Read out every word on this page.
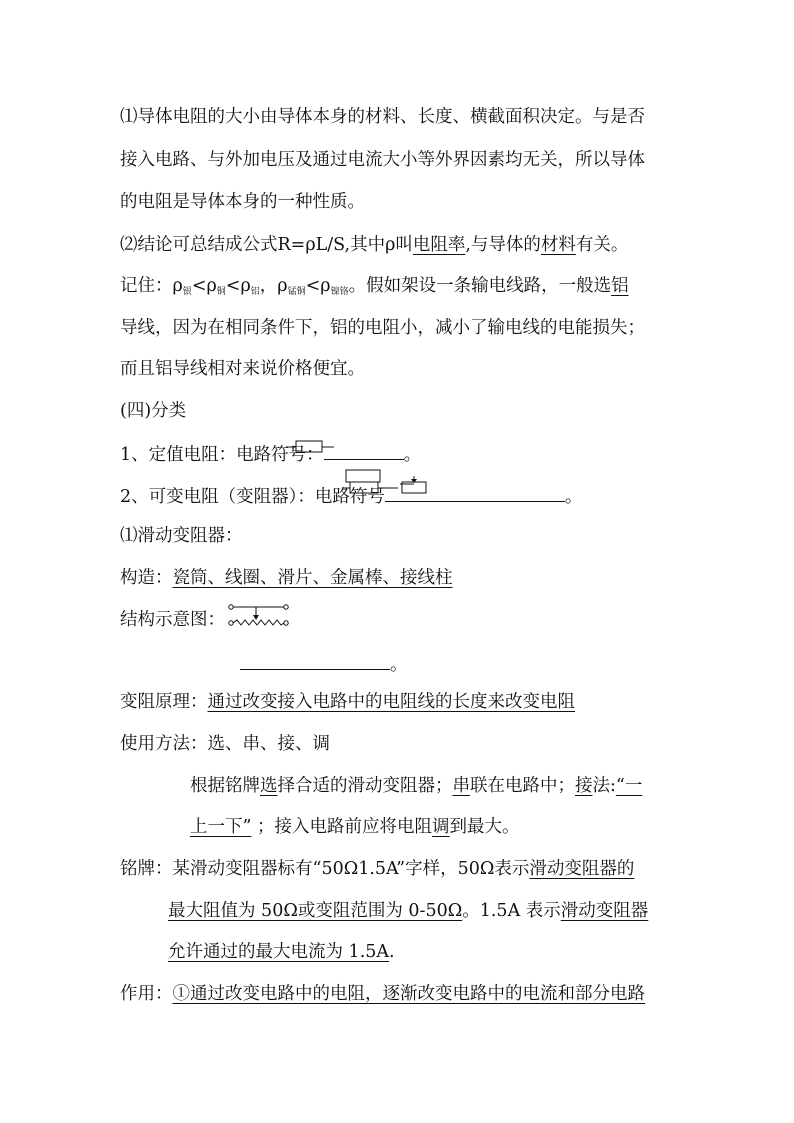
⑴导体电阻的大小由导体本身的材料、长度、横截面积决定。与是否
接入电路、与外加电压及通过电流大小等外界因素均无关，所以导体
的电阻是导体本身的一种性质。
⑵结论可总结成公式R=ρL/S,其中ρ叫电阻率,与导体的材料有关。
记住：ρ银<ρ铜<ρ铝，ρ锰铜<ρ镍铬。假如架设一条输电线路，一般选铝
导线，因为在相同条件下，铝的电阻小，减小了输电线的电能损失；
而且铝导线相对来说价格便宜。
(四)分类
1、定值电阻：电路符号：	。
2、可变电阻（变阻器）：电路符号	。
⑴滑动变阻器：
构造：瓷筒、线圈、滑片、金属棒、接线柱
结构示意图：
。
变阻原理：通过改变接入电路中的电阻线的长度来改变电阻
使用方法：选、串、接、调
根据铭牌选择合适的滑动变阻器；串联在电路中；接法:“一
上一下” ；接入电路前应将电阻调到最大。
铭牌：某滑动变阻器标有“50Ω1.5A”字样，50Ω表示滑动变阻器的
最大阻值为 50Ω或变阻范围为 0-50Ω。1.5A 表示滑动变阻器
允许通过的最大电流为 1.5A.
作用：①通过改变电路中的电阻，逐渐改变电路中的电流和部分电路
